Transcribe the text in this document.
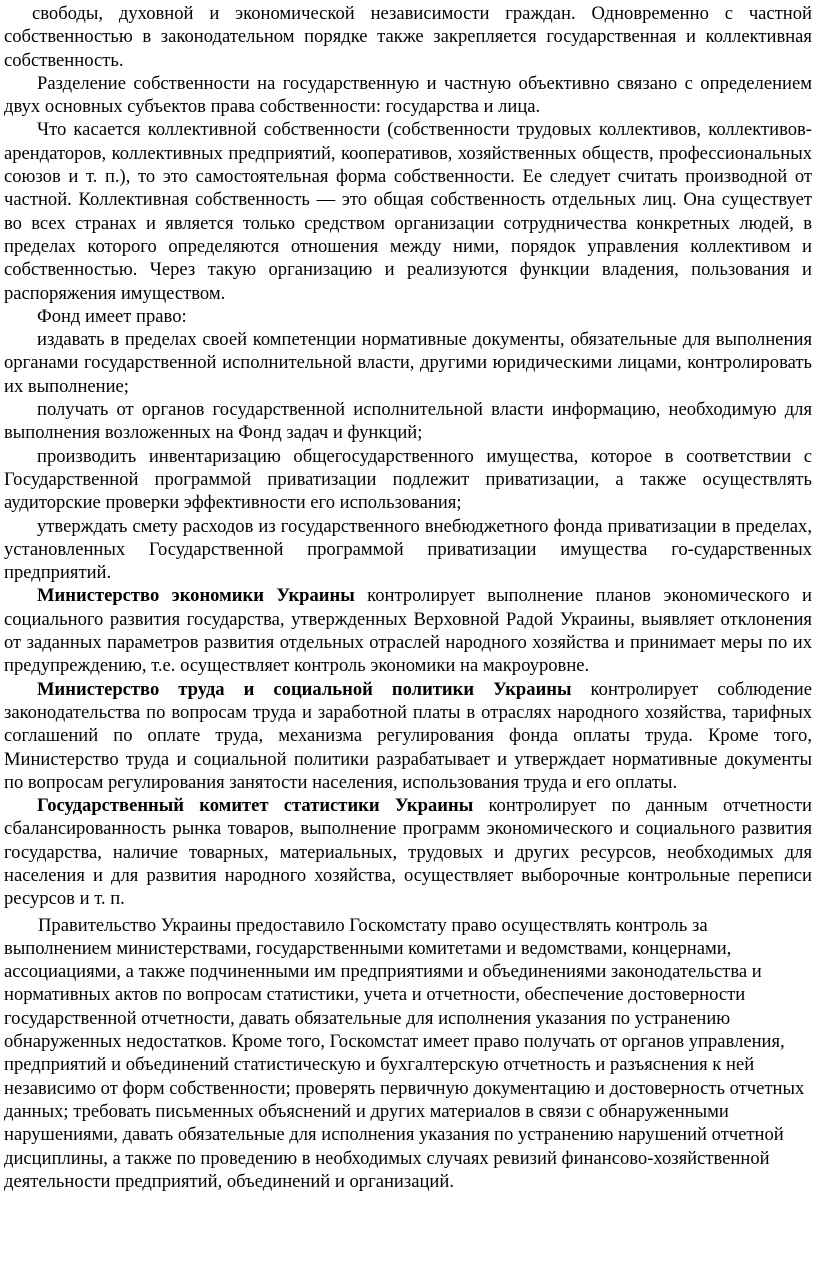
свободы, духовной и экономической независимости граждан. Одновременно с частной собственностью в законодательном порядке также закрепляется государственная и коллективная собственность.

Разделение собственности на государственную и частную объективно связано с определением двух основных субъектов права собственности: государства и лица.

Что касается коллективной собственности (собственности трудовых коллективов, коллективов-арендаторов, коллективных предприятий, кооперативов, хозяйственных обществ, профессиональных союзов и т. п.), то это самостоятельная форма собственности. Ее следует считать производной от частной. Коллективная собственность — это общая собственность отдельных лиц. Она существует во всех странах и является только средством организации сотрудничества конкретных людей, в пределах которого определяются отношения между ними, порядок управления коллективом и собственностью. Через такую организацию и реализуются функции владения, пользования и распоряжения имуществом.

Фонд имеет право:

издавать в пределах своей компетенции нормативные документы, обязательные для выполнения органами государственной исполнительной власти, другими юридическими лицами, контролировать их выполнение;

получать от органов государственной исполнительной власти информацию, необходимую для выполнения возложенных на Фонд задач и функций;

производить инвентаризацию общегосударственного имущества, которое в соответствии с Государственной программой приватизации подлежит приватизации, а также осуществлять аудиторские проверки эффективности его использования;

утверждать смету расходов из государственного внебюджетного фонда приватизации в пределах, установленных Государственной программой приватизации имущества го-сударственных предприятий.

Министерство экономики Украины контролирует выполнение планов экономического и социального развития государства, утвержденных Верховной Радой Украины, выявляет отклонения от заданных параметров развития отдельных отраслей народного хозяйства и принимает меры по их предупреждению, т.е. осуществляет контроль экономики на макроуровне.

Министерство труда и социальной политики Украины контролирует соблюдение законодательства по вопросам труда и заработной платы в отраслях народного хозяйства, тарифных соглашений по оплате труда, механизма регулирования фонда оплаты труда. Кроме того, Министерство труда и социальной политики разрабатывает и утверждает нормативные документы по вопросам регулирования занятости населения, использования труда и его оплаты.

Государственный комитет статистики Украины контролирует по данным отчетности сбалансированность рынка товаров, выполнение программ экономического и социального развития государства, наличие товарных, материальных, трудовых и других ресурсов, необходимых для населения и для развития народного хозяйства, осуществляет выборочные контрольные переписи ресурсов и т. п.

Правительство Украины предоставило Госкомстату право осуществлять контроль за выполнением министерствами, государственными комитетами и ведомствами, концернами, ассоциациями, а также подчиненными им предприятиями и объединениями законодательства и нормативных актов по вопросам статистики, учета и отчетности, обеспечение достоверности государственной отчетности, давать обязательные для исполнения указания по устранению обнаруженных недостатков. Кроме того, Госкомстат имеет право получать от органов управления, предприятий и объединений статистическую и бухгалтерскую отчетность и разъяснения к ней независимо от форм собственности; проверять первичную документацию и достоверность отчетных данных; требовать письменных объяснений и других материалов в связи с обнаруженными нарушениями, давать обязательные для исполнения указания по устранению нарушений отчетной дисциплины, а также по проведению в необходимых случаях ревизий финансово-хозяйственной деятельности предприятий, объединений и организаций.
